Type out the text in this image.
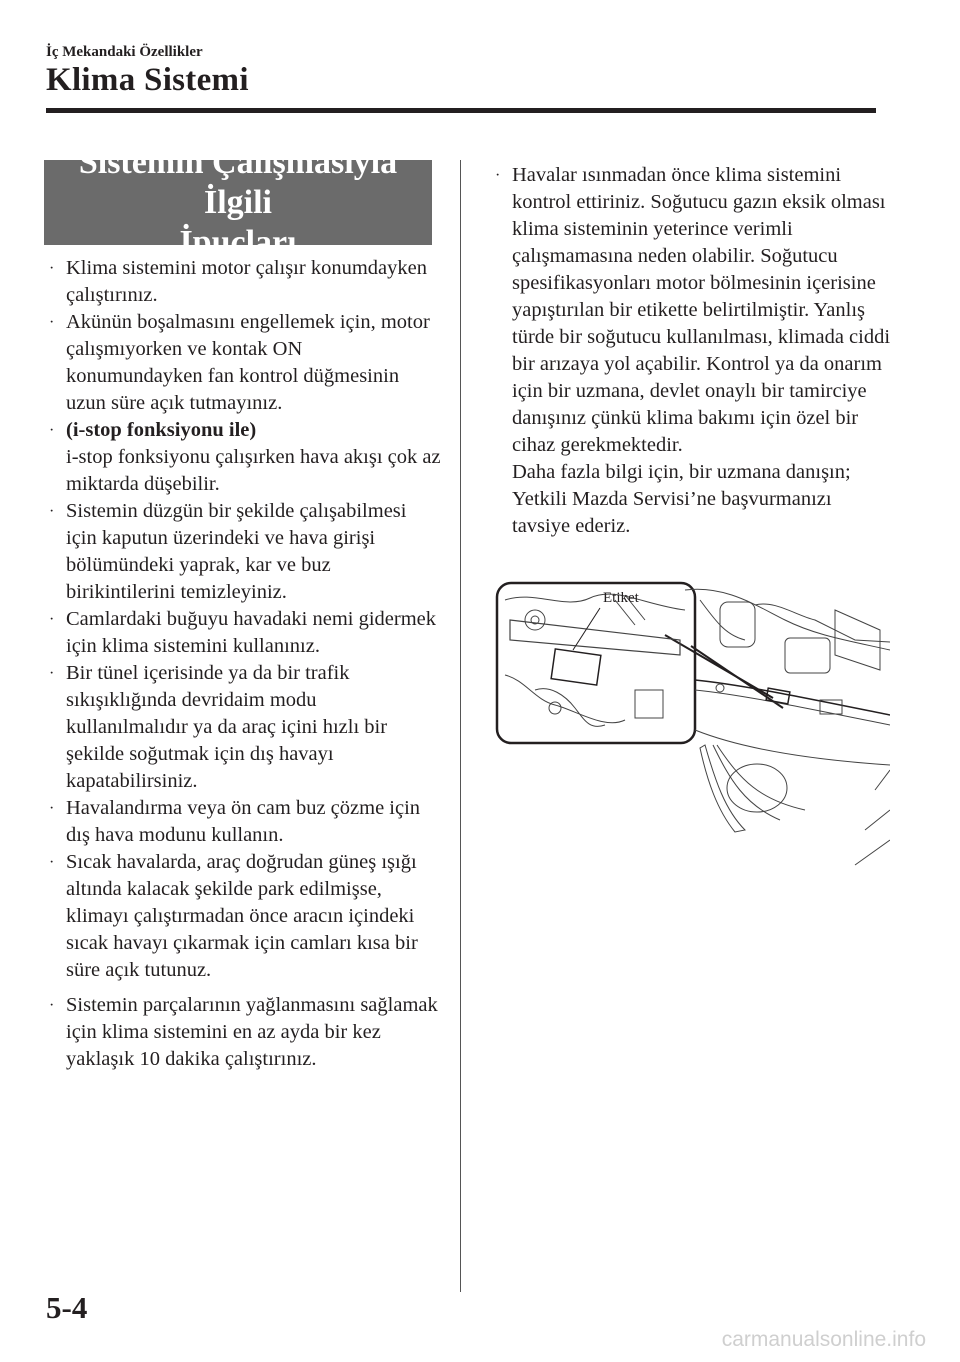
İç Mekandaki Özellikler
Klima Sistemi
Sistemin Çalışmasıyla İlgili
İpuçları
· Klima sistemini motor çalışır konumdayken çalıştırınız.
· Akünün boşalmasını engellemek için, motor çalışmıyorken ve kontak ON konumundayken fan kontrol düğmesinin uzun süre açık tutmayınız.
· (i-stop fonksiyonu ile)
i-stop fonksiyonu çalışırken hava akışı çok az miktarda düşebilir.
· Sistemin düzgün bir şekilde çalışabilmesi için kaputun üzerindeki ve hava girişi bölümündeki yaprak, kar ve buz birikintilerini temizleyiniz.
· Camlardaki buğuyu havadaki nemi gidermek için klima sistemini kullanınız.
· Bir tünel içerisinde ya da bir trafik sıkışıklığında devridaim modu kullanılmalıdır ya da araç içini hızlı bir şekilde soğutmak için dış havayı kapatabilirsiniz.
· Havalandırma veya ön cam buz çözme için dış hava modunu kullanın.
· Sıcak havalarda, araç doğrudan güneş ışığı altında kalacak şekilde park edilmişse, klimayı çalıştırmadan önce aracın içindeki sıcak havayı çıkarmak için camları kısa bir süre açık tutunuz.
· Sistemin parçalarının yağlanmasını sağlamak için klima sistemini en az ayda bir kez yaklaşık 10 dakika çalıştırınız.
· Havalar ısınmadan önce klima sistemini kontrol ettiriniz. Soğutucu gazın eksik olması klima sisteminin yeterince verimli çalışmamasına neden olabilir. Soğutucu spesifikasyonları motor bölmesinin içerisine yapıştırılan bir etikette belirtilmiştir. Yanlış türde bir soğutucu kullanılması, klimada ciddi bir arızaya yol açabilir. Kontrol ya da onarım için bir uzmana, devlet onaylı bir tamirciye danışınız çünkü klima bakımı için özel bir cihaz gerekmektedir.
Daha fazla bilgi için, bir uzmana danışın; Yetkili Mazda Servisi’ne başvurmanızı tavsiye ederiz.
Etiket
5-4
carmanualsonline.info
